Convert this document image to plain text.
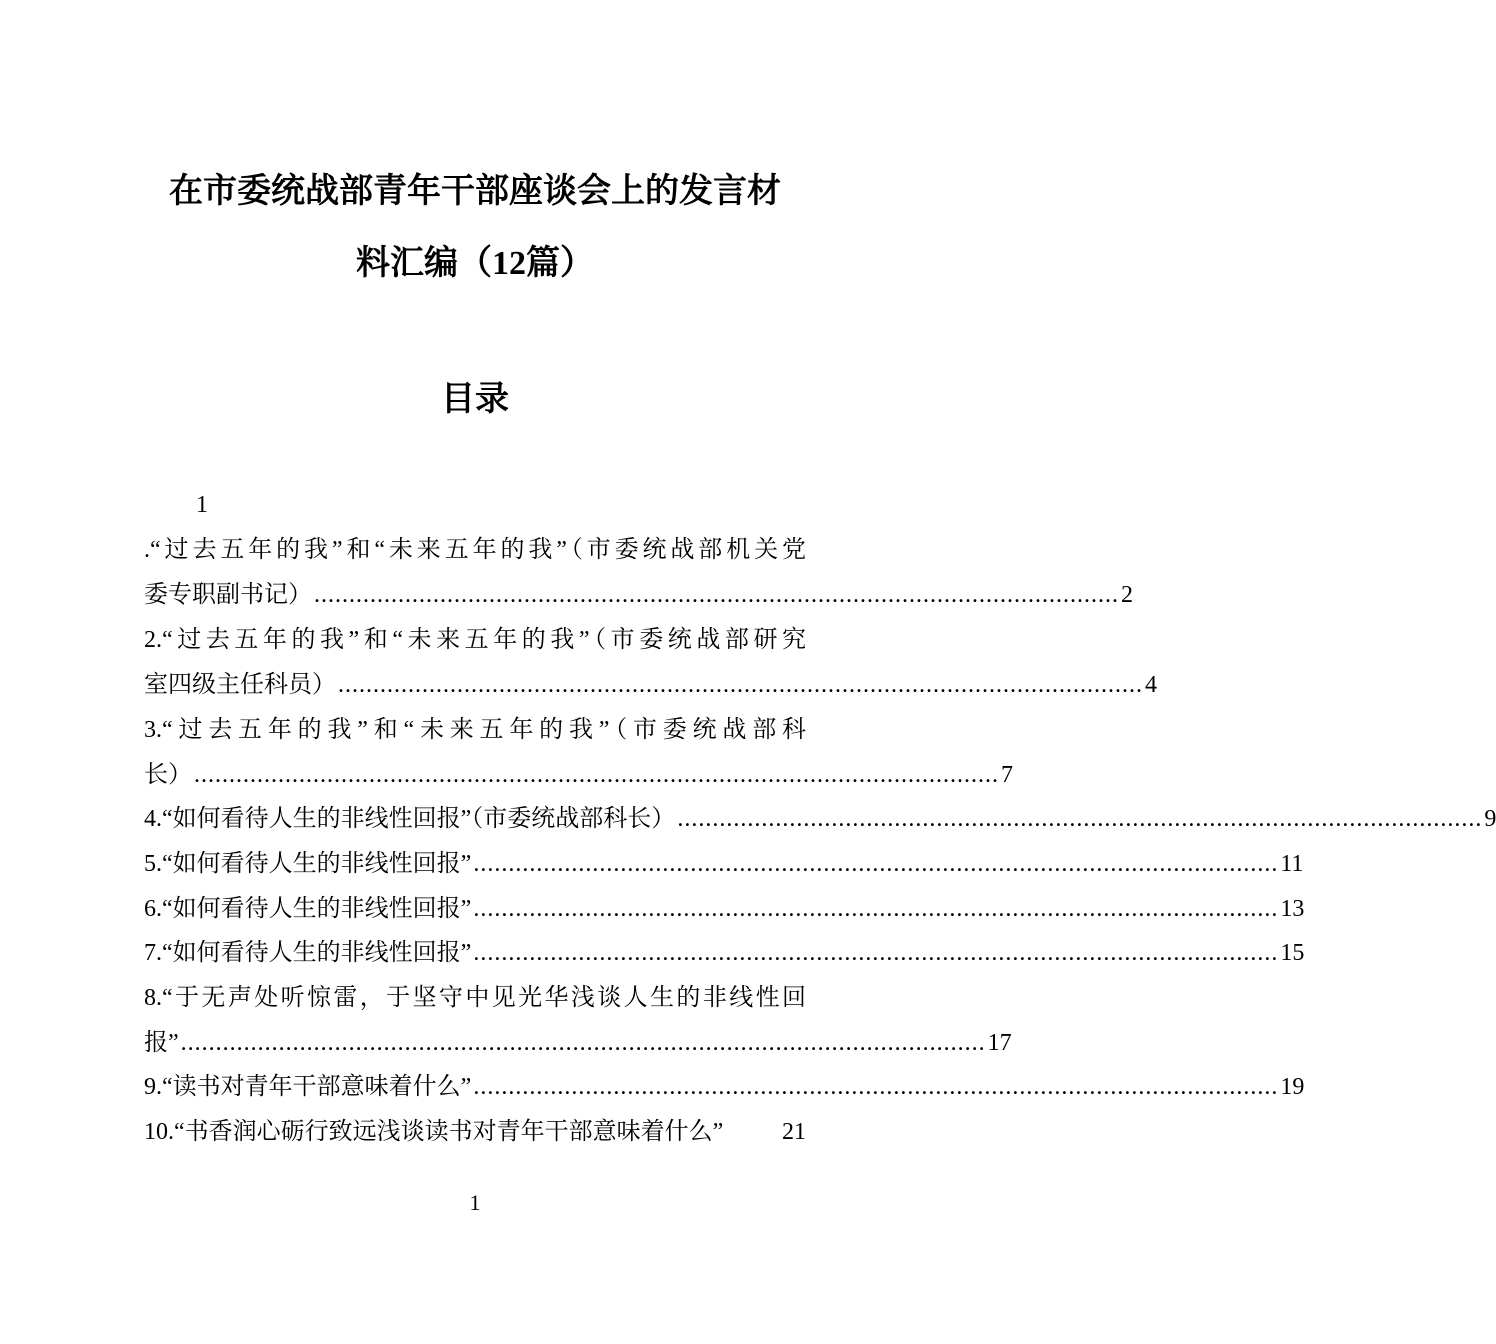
在市委统战部青年干部座谈会上的发言材
料汇编（12篇）
目录
1
.“过去五年的我”和“未来五年的我”（市委统战部机关党
委专职副书记） ................................................................................................................... 2
2.“过去五年的我”和“未来五年的我”（市委统战部研究
室四级主任科员） ................................................................................................................... 4
3.“过去五年的我”和“未来五年的我”（市委统战部科
长） ................................................................................................................... 7
4.“如何看待人生的非线性回报”（市委统战部科长） ................................................................................................................... 9
5.“如何看待人生的非线性回报” ................................................................................................................... 11
6.“如何看待人生的非线性回报” ................................................................................................................... 13
7.“如何看待人生的非线性回报” ................................................................................................................... 15
8.“于无声处听惊雷，于坚守中见光华浅谈人生的非线性回
报” ................................................................................................................... 17
9.“读书对青年干部意味着什么” ................................................................................................................... 19
10.“书香润心砺行致远浅谈读书对青年干部意味着什么” 21
1
